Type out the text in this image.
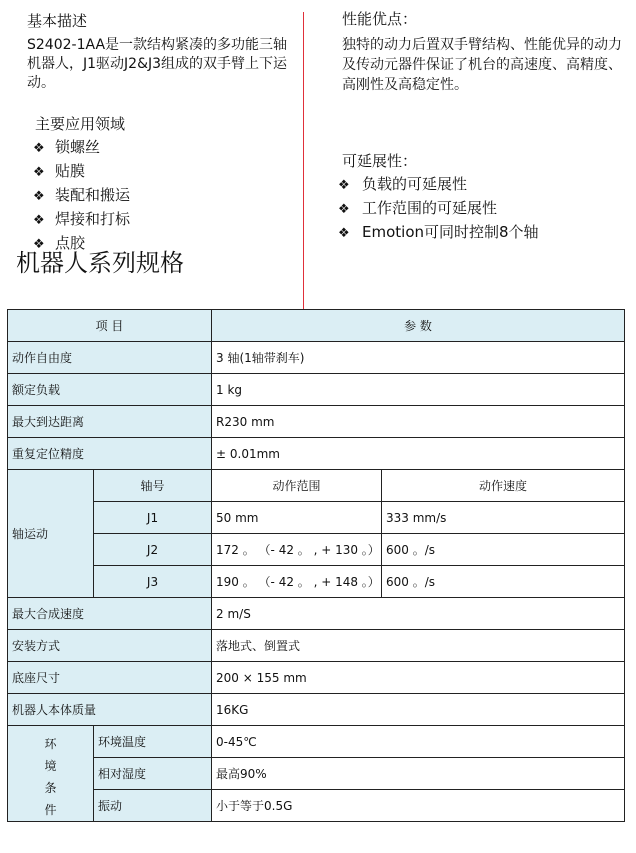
基本描述
S2402-1AA是一款结构紧凑的多功能三轴机器人，J1驱动J2&J3组成的双手臂上下运动。
主要应用领域
❖ 锁螺丝
❖ 贴膜
❖ 装配和搬运
❖ 焊接和打标
❖ 点胶
机器人系列规格
性能优点：
独特的动力后置双手臂结构、性能优异的动力及传动元器件保证了机台的高速度、高精度、高刚性及高稳定性。
可延展性：
❖ 负载的可延展性
❖ 工作范围的可延展性
❖ Emotion可同时控制8个轴
项 目		参 数	
动作自由度		3 轴(1轴带刹车)	
额定负载		1 kg	
最大到达距离		R230 mm	
重复定位精度		± 0.01mm	
轴运动	轴号	动作范围	动作速度
	J1	50 mm	333 mm/s
	J2	172 。 （- 42 。 , + 130 。）	600 。/s
	J3	190 。 （- 42 。 , + 148 。）	600 。/s
最大合成速度		2 m/S	
安装方式		落地式、倒置式	
底座尺寸		200 × 155 mm	
机器人本体质量		16KG	

环
境
条
件	环境温度	0-45℃	
	相对湿度	最高90%	
	振动	小于等于0.5G	
